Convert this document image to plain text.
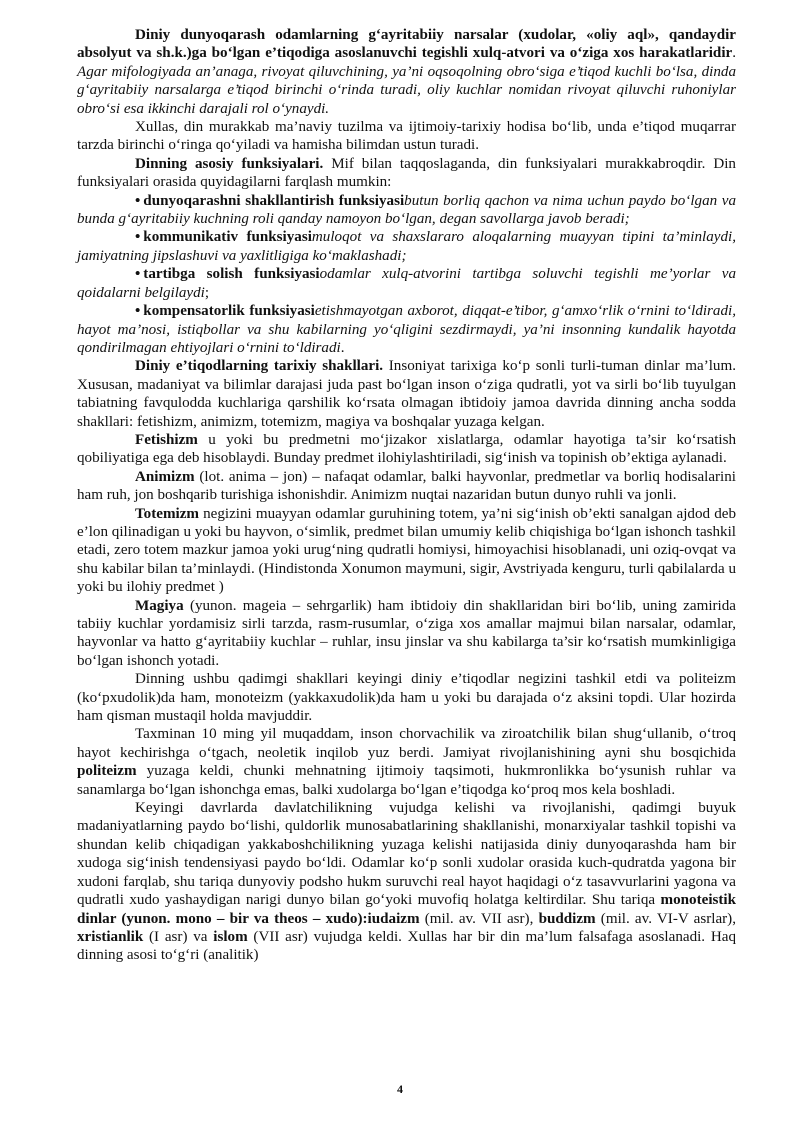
Diniy dunyoqarash odamlarning g‘ayritabiiy narsalar (xudolar, «oliy aql», qandaydir absolyut va sh.k.)ga bo‘lgan e’tiqodiga asoslanuvchi tegishli xulq-atvori va o‘ziga xos harakatlaridir. Agar mifologiyada an’anaga, rivoyat qiluvchining, ya’ni oqsoqolning obro‘siga e’tiqod kuchli bo‘lsa, dinda g‘ayritabiiy narsalarga e’tiqod birinchi o‘rinda turadi, oliy kuchlar nomidan rivoyat qiluvchi ruhoniylar obro‘si esa ikkinchi darajali rol o‘ynaydi.

Xullas, din murakkab ma’naviy tuzilma va ijtimoiy-tarixiy hodisa bo‘lib, unda e’tiqod muqarrar tarzda birinchi o‘ringa qo‘yiladi va hamisha bilimdan ustun turadi.

Dinning asosiy funksiyalari. Mif bilan taqqoslaganda, din funksiyalari murakkabroqdir. Din funksiyalari orasida quyidagilarni farqlash mumkin:

• dunyoqarashni shakllantirish funksiyasibutun borliq qachon va nima uchun paydo bo‘lgan va bunda g‘ayritabiiy kuchning roli qanday namoyon bo‘lgan, degan savollarga javob beradi;

• kommunikativ funksiyasimuloqot va shaxslararo aloqalarning muayyan tipini ta’minlaydi, jamiyatning jipslashuvi va yaxlitligiga ko‘maklashadi;

• tartibga solish funksiyasiodamlar xulq-atvorini tartibga soluvchi tegishli me’yorlar va qoidalarni belgilaydi;

• kompensatorlik funksiyasietishmayotgan axborot, diqqat-e’tibor, g‘amxo‘rlik o‘rnini to‘ldiradi, hayot ma’nosi, istiqbollar va shu kabilarning yo‘qligini sezdirmaydi, ya’ni insonning kundalik hayotda qondirilmagan ehtiyojlari o‘rnini to‘ldiradi.

Diniy e’tiqodlarning tarixiy shakllari. Insoniyat tarixiga ko‘p sonli turli-tuman dinlar ma’lum. Xususan, madaniyat va bilimlar darajasi juda past bo‘lgan inson o‘ziga qudratli, yot va sirli bo‘lib tuyulgan tabiatning favqulodda kuchlariga qarshilik ko‘rsata olmagan ibtidoiy jamoa davrida dinning ancha sodda shakllari: fetishizm, animizm, totemizm, magiya va boshqalar yuzaga kelgan.

Fetishizm u yoki bu predmetni mo‘jizakor xislatlarga, odamlar hayotiga ta’sir ko‘rsatish qobiliyatiga ega deb hisoblaydi. Bunday predmet ilohiylashtiriladi, sig‘inish va topinish ob’ektiga aylanadi.

Animizm (lot. anima – jon) – nafaqat odamlar, balki hayvonlar, predmetlar va borliq hodisalarini ham ruh, jon boshqarib turishiga ishonishdir. Animizm nuqtai nazaridan butun dunyo ruhli va jonli.

Totemizm negizini muayyan odamlar guruhining totem, ya’ni sig‘inish ob’ekti sanalgan ajdod deb e’lon qilinadigan u yoki bu hayvon, o‘simlik, predmet bilan umumiy kelib chiqishiga bo‘lgan ishonch tashkil etadi, zero totem mazkur jamoa yoki urug‘ning qudratli homiysi, himoyachisi hisoblanadi, uni oziq-ovqat va shu kabilar bilan ta’minlaydi. (Hindistonda Xonumon maymuni, sigir, Avstriyada kenguru, turli qabilalarda u yoki bu ilohiy predmet )

Magiya (yunon. mageia – sehrgarlik) ham ibtidoiy din shakllaridan biri bo‘lib, uning zamirida tabiiy kuchlar yordamisiz sirli tarzda, rasm-rusumlar, o‘ziga xos amallar majmui bilan narsalar, odamlar, hayvonlar va hatto g‘ayritabiiy kuchlar – ruhlar, insu jinslar va shu kabilarga ta’sir ko‘rsatish mumkinligiga bo‘lgan ishonch yotadi.

Dinning ushbu qadimgi shakllari keyingi diniy e’tiqodlar negizini tashkil etdi va politeizm (ko‘pxudolik)da ham, monoteizm (yakkaxudolik)da ham u yoki bu darajada o‘z aksini topdi. Ular hozirda ham qisman mustaqil holda mavjuddir.

Taxminan 10 ming yil muqaddam, inson chorvachilik va ziroatchilik bilan shug‘ullanib, o‘troq hayot kechirishga o‘tgach, neoletik inqilob yuz berdi. Jamiyat rivojlanishining ayni shu bosqichida politeizm yuzaga keldi, chunki mehnatning ijtimoiy taqsimoti, hukmronlikka bo‘ysunish ruhlar va sanamlarga bo‘lgan ishonchga emas, balki xudolarga bo‘lgan e’tiqodga ko‘proq mos kela boshladi.

Keyingi davrlarda davlatchilikning vujudga kelishi va rivojlanishi, qadimgi buyuk madaniyatlarning paydo bo‘lishi, quldorlik munosabatlarining shakllanishi, monarxiyalar tashkil topishi va shundan kelib chiqadigan yakkaboshchilikning yuzaga kelishi natijasida diniy dunyoqarashda ham bir xudoga sig‘inish tendensiyasi paydo bo‘ldi. Odamlar ko‘p sonli xudolar orasida kuch-qudratda yagona bir xudoni farqlab, shu tariqa dunyoviy podsho hukm suruvchi real hayot haqidagi o‘z tasavvurlarini yagona va qudratli xudo yashaydigan narigi dunyo bilan go‘yoki muvofiq holatga keltirdilar. Shu tariqa monoteistik dinlar (yunon. mono – bir va theos – xudo):iudaizm (mil. av. VII asr), buddizm (mil. av. VI-V asrlar), xristianlik (I asr) va islom (VII asr) vujudga keldi. Xullas har bir din ma’lum falsafaga asoslanadi. Haq dinning asosi to‘g‘ri (analitik)

4
